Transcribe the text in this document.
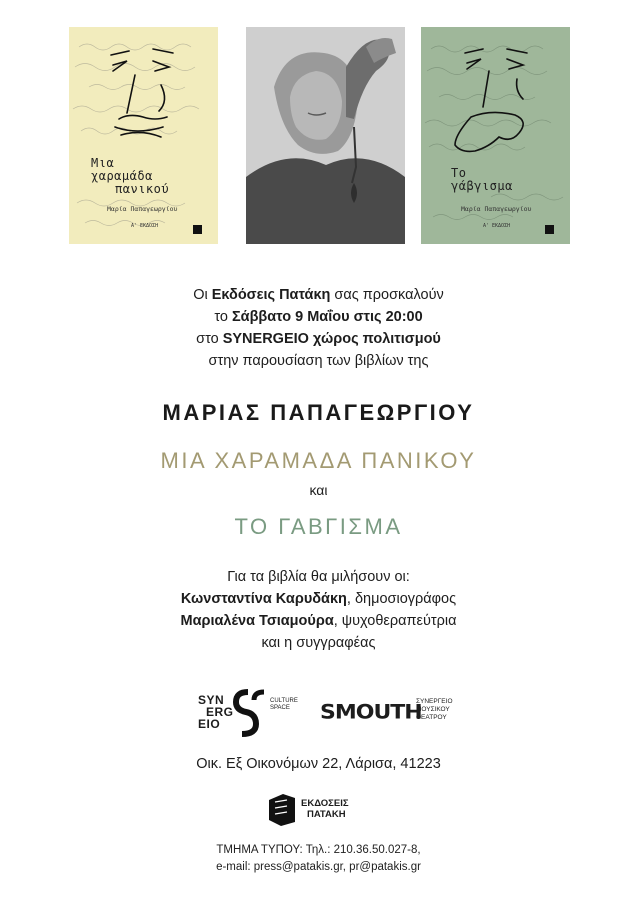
Μια
χαραμάδα
πανικού
Μαρία Παπαγεωργίου
Α' ΕΚΔΟΣΗ
Το
γάβγισμα
Μαρία Παπαγεωργίου
Α' ΕΚΔΟΣΗ
Οι Εκδόσεις Πατάκη σας προσκαλούν
το Σάββατο 9 Μαΐου στις 20:00
στο SYNERGEIO χώρος πολιτισμού
στην παρουσίαση των βιβλίων της
ΜΑΡΙΑΣ ΠΑΠΑΓΕΩΡΓΙΟΥ
ΜΙΑ ΧΑΡΑΜΑΔΑ ΠΑΝΙΚΟΥ
και
ΤΟ ΓΑΒΓΙΣΜΑ
Για τα βιβλία θα μιλήσουν οι:
Κωνσταντίνα Καρυδάκη, δημοσιογράφος
Μαριαλένα Τσιαμούρα, ψυχοθεραπεύτρια
και η συγγραφέας
SYN
ERG
EIO
CULTURE
SPACE	SMOUTH
ΣΥΝΕΡΓΕΙΟ
ΜΟΥΣΙΚΟΥ
ΘΕΑΤΡΟΥ
Οικ. Εξ Οικονόμων 22, Λάρισα, 41223
ΕΚΔΟΣΕΙΣ
ΠΑΤΑΚΗ
ΤΜΗΜΑ ΤΥΠΟΥ: Τηλ.: 210.36.50.027-8,
e-mail: press@patakis.gr, pr@patakis.gr
